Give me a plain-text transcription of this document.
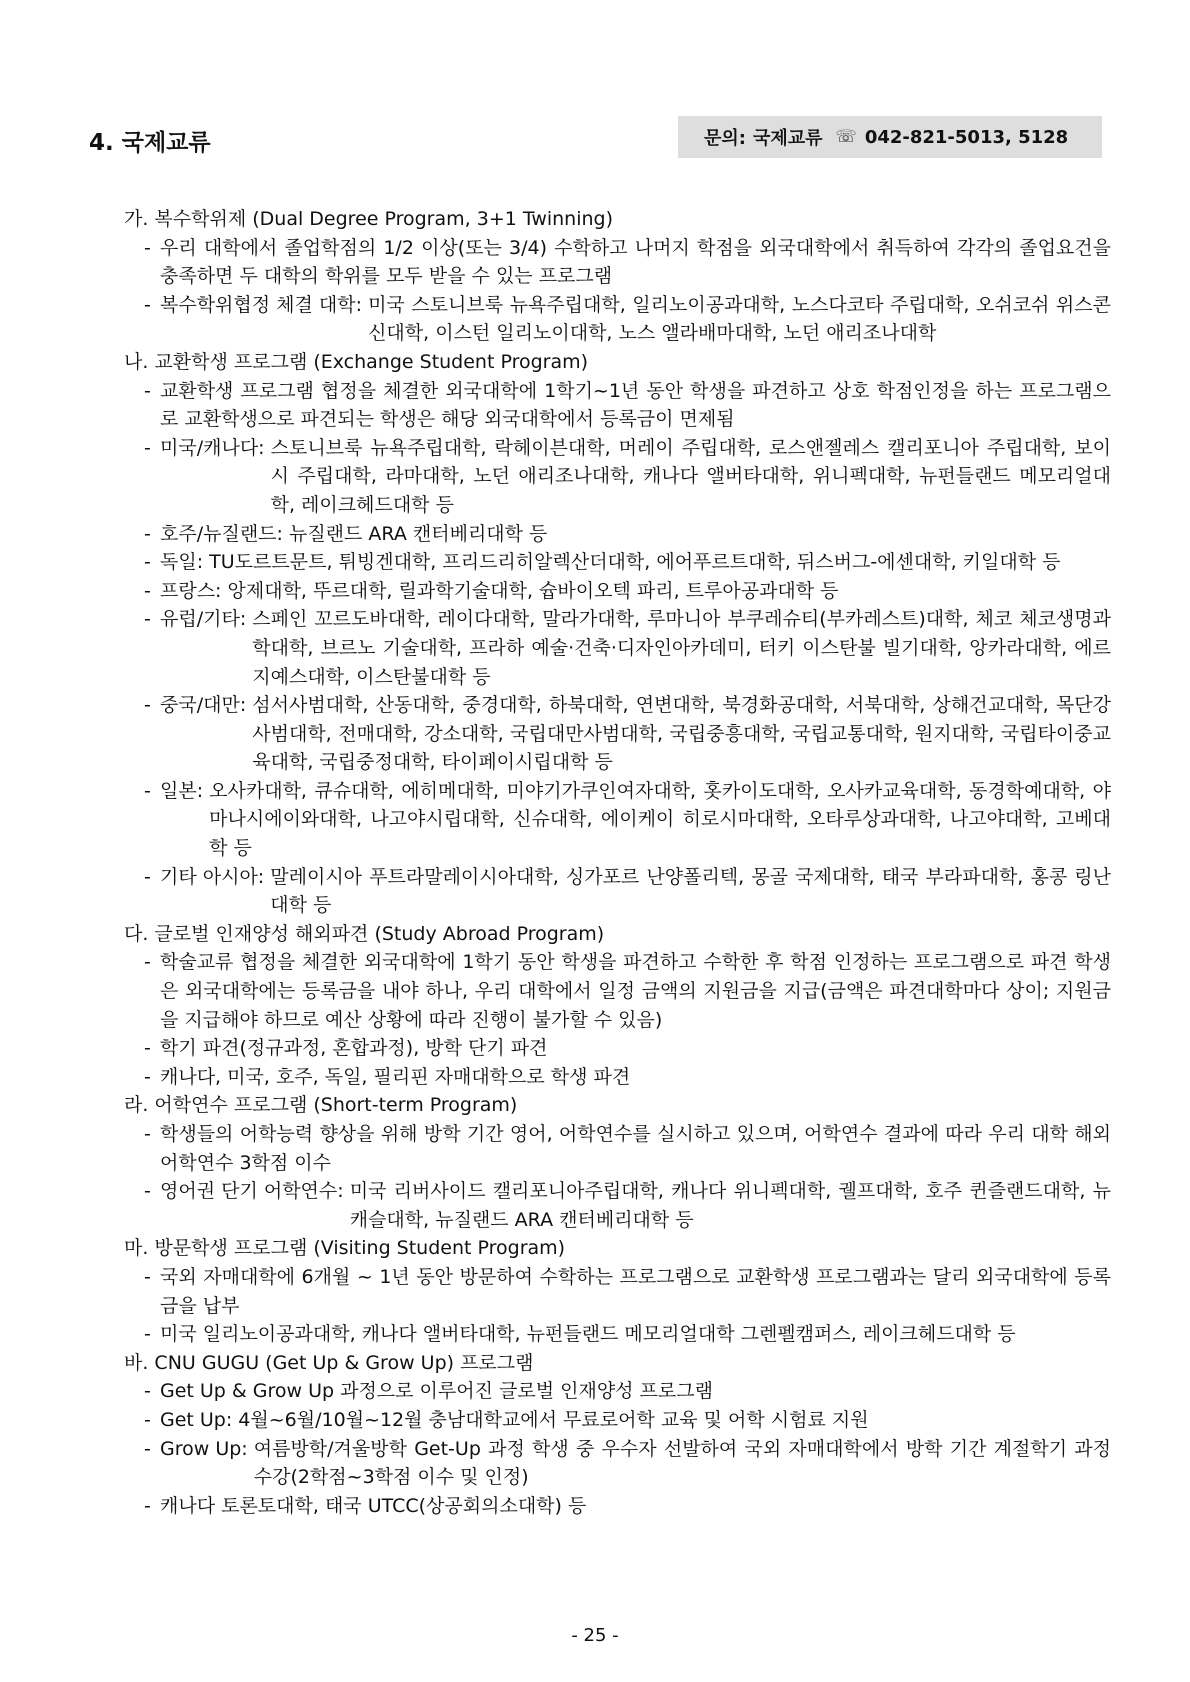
4. 국제교류	문의: 국제교류 ☏ 042-821-5013, 5128

가. 복수학위제 (Dual Degree Program, 3+1 Twinning)

- 우리 대학에서 졸업학점의 1/2 이상(또는 3/4) 수학하고 나머지 학점을 외국대학에서 취득하여 각각의 졸업요건을 충족하면 두 대학의 학위를 모두 받을 수 있는 프로그램
- 복수학위협정 체결 대학: 미국 스토니브룩 뉴욕주립대학, 일리노이공과대학, 노스다코타 주립대학, 오쉬코쉬 위스콘신대학, 이스턴 일리노이대학, 노스 앨라배마대학, 노던 애리조나대학

나. 교환학생 프로그램 (Exchange Student Program)

- 교환학생 프로그램 협정을 체결한 외국대학에 1학기~1년 동안 학생을 파견하고 상호 학점인정을 하는 프로그램으로 교환학생으로 파견되는 학생은 해당 외국대학에서 등록금이 면제됨
- 미국/캐나다: 스토니브룩 뉴욕주립대학, 락헤이븐대학, 머레이 주립대학, 로스앤젤레스 캘리포니아 주립대학, 보이시 주립대학, 라마대학, 노던 애리조나대학, 캐나다 앨버타대학, 위니펙대학, 뉴펀들랜드 메모리얼대학, 레이크헤드대학 등
- 호주/뉴질랜드: 뉴질랜드 ARA 캔터베리대학 등
- 독일: TU도르트문트, 튀빙겐대학, 프리드리히알렉산더대학, 에어푸르트대학, 뒤스버그-에센대학, 키일대학 등
- 프랑스: 앙제대학, 뚜르대학, 릴과학기술대학, 슙바이오텍 파리, 트루아공과대학 등
- 유럽/기타: 스페인 꼬르도바대학, 레이다대학, 말라가대학, 루마니아 부쿠레슈티(부카레스트)대학, 체코 체코생명과학대학, 브르노 기술대학, 프라하 예술·건축·디자인아카데미, 터키 이스탄불 빌기대학, 앙카라대학, 에르지예스대학, 이스탄불대학 등
- 중국/대만: 섬서사범대학, 산동대학, 중경대학, 하북대학, 연변대학, 북경화공대학, 서북대학, 상해건교대학, 목단강사범대학, 전매대학, 강소대학, 국립대만사범대학, 국립중흥대학, 국립교통대학, 원지대학, 국립타이중교육대학, 국립중정대학, 타이페이시립대학 등
- 일본: 오사카대학, 큐슈대학, 에히메대학, 미야기가쿠인여자대학, 홋카이도대학, 오사카교육대학, 동경학예대학, 야마나시에이와대학, 나고야시립대학, 신슈대학, 에이케이 히로시마대학, 오타루상과대학, 나고야대학, 고베대학 등
- 기타 아시아: 말레이시아 푸트라말레이시아대학, 싱가포르 난양폴리텍, 몽골 국제대학, 태국 부라파대학, 홍콩 링난대학 등

다. 글로벌 인재양성 해외파견 (Study Abroad Program)

- 학술교류 협정을 체결한 외국대학에 1학기 동안 학생을 파견하고 수학한 후 학점 인정하는 프로그램으로 파견 학생은 외국대학에는 등록금을 내야 하나, 우리 대학에서 일정 금액의 지원금을 지급(금액은 파견대학마다 상이; 지원금을 지급해야 하므로 예산 상황에 따라 진행이 불가할 수 있음)
- 학기 파견(정규과정, 혼합과정), 방학 단기 파견
- 캐나다, 미국, 호주, 독일, 필리핀 자매대학으로 학생 파견

라. 어학연수 프로그램 (Short-term Program)

- 학생들의 어학능력 향상을 위해 방학 기간 영어, 어학연수를 실시하고 있으며, 어학연수 결과에 따라 우리 대학 해외어학연수 3학점 이수
- 영어권 단기 어학연수: 미국 리버사이드 캘리포니아주립대학, 캐나다 위니펙대학, 궬프대학, 호주 퀸즐랜드대학, 뉴캐슬대학, 뉴질랜드 ARA 캔터베리대학 등

마. 방문학생 프로그램 (Visiting Student Program)

- 국외 자매대학에 6개월 ~ 1년 동안 방문하여 수학하는 프로그램으로 교환학생 프로그램과는 달리 외국대학에 등록금을 납부
- 미국 일리노이공과대학, 캐나다 앨버타대학, 뉴펀들랜드 메모리얼대학 그렌펠캠퍼스, 레이크헤드대학 등

바. CNU GUGU (Get Up & Grow Up) 프로그램

- Get Up & Grow Up 과정으로 이루어진 글로벌 인재양성 프로그램
- Get Up: 4월~6월/10월~12월 충남대학교에서 무료로어학 교육 및 어학 시험료 지원
- Grow Up: 여름방학/겨울방학 Get-Up 과정 학생 중 우수자 선발하여 국외 자매대학에서 방학 기간 계절학기 과정 수강(2학점~3학점 이수 및 인정)
- 캐나다 토론토대학, 태국 UTCC(상공회의소대학) 등
- 25 -
